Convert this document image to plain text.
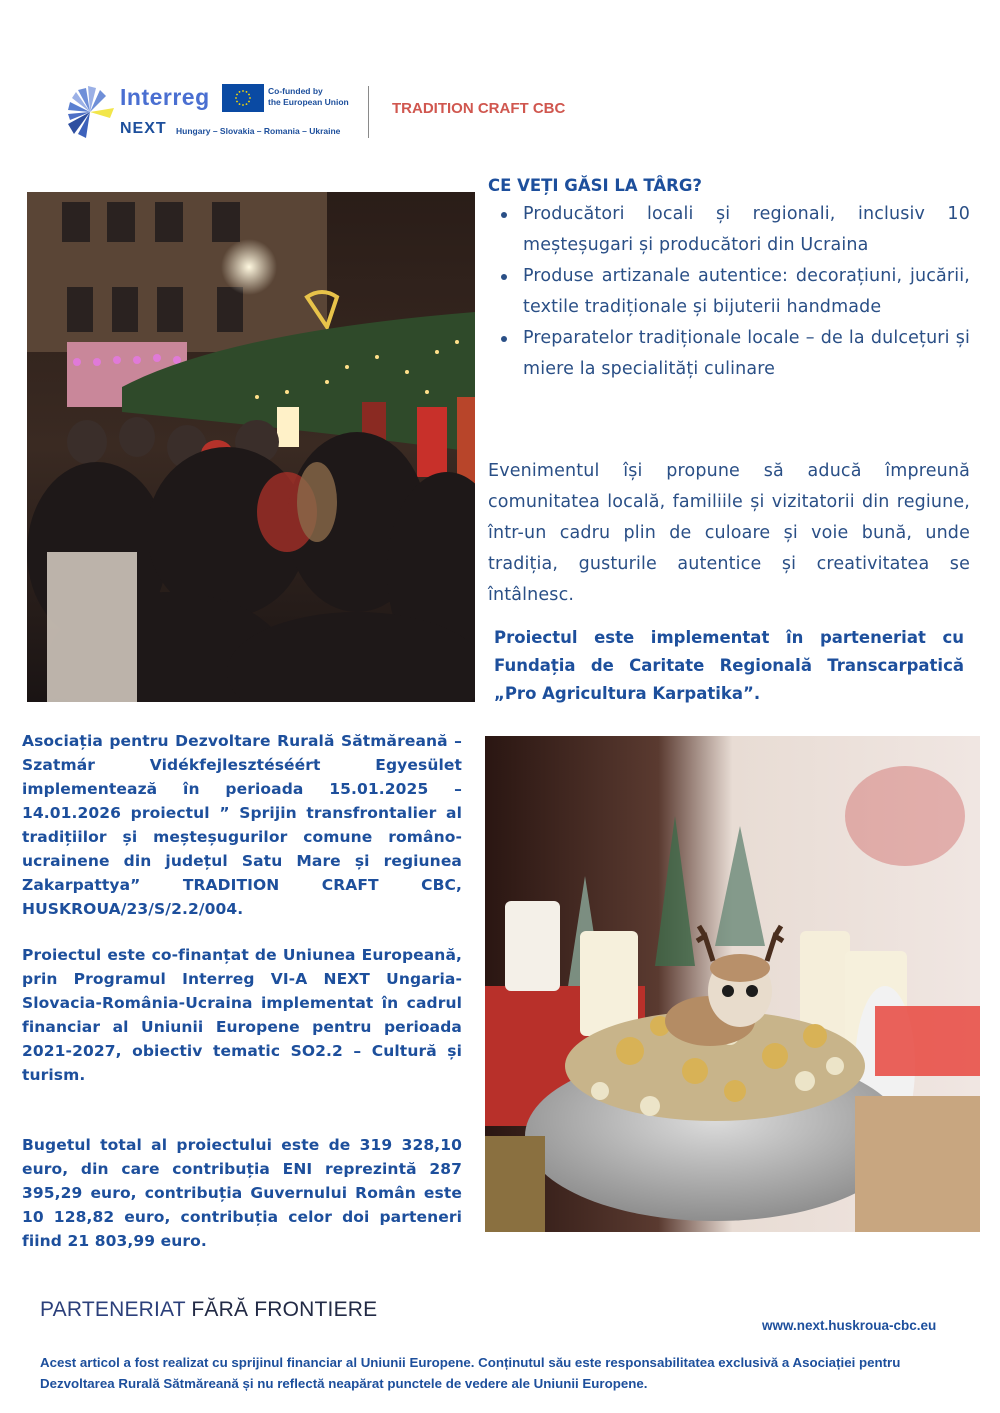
Interreg	Co-funded by
the European Union
NEXT Hungary – Slovakia – Romania – Ukraine
TRADITION CRAFT CBC
CE VEȚI GĂSI LA TÂRG?
Producători locali și regionali, inclusiv 10 meșteșugari și producători din Ucraina
Produse artizanale autentice: decorațiuni, jucării, textile tradiționale și bijuterii handmade
Preparatelor tradiționale locale – de la dulcețuri și miere la specialități culinare

Evenimentul își propune să aducă împreună comunitatea locală, familiile și vizitatorii din regiune, într-un cadru plin de culoare și voie bună, unde tradiția, gusturile autentice și creativitatea se întâlnesc.

Proiectul este implementat în parteneriat cu Fundația de Caritate Regională Transcarpatică „Pro Agricultura Karpatika”.

Asociația pentru Dezvoltare Rurală Sătmăreană – Szatmár Vidékfejlesztéséért Egyesület implementează în perioada 15.01.2025 – 14.01.2026 proiectul ” Sprijin transfrontalier al tradițiilor și meșteșugurilor comune româno-ucrainene din județul Satu Mare și regiunea Zakarpattya” TRADITION CRAFT CBC, HUSKROUA/23/S/2.2/004.

Proiectul este co-finanțat de Uniunea Europeană, prin Programul Interreg VI-A NEXT Ungaria-Slovacia-România-Ucraina implementat în cadrul financiar al Uniunii Europene pentru perioada 2021-2027, obiectiv tematic SO2.2 – Cultură și turism.

Bugetul total al proiectului este de 319 328,10 euro, din care contribuția ENI reprezintă 287 395,29 euro, contribuția Guvernului Român este 10 128,82 euro, contribuția celor doi parteneri fiind 21 803,99 euro.

PARTENERIAT FĂRĂ FRONTIERE
www.next.huskroua-cbc.eu

Acest articol a fost realizat cu sprijinul financiar al Uniunii Europene. Conținutul său este responsabilitatea exclusivă a Asociației pentru Dezvoltarea Rurală Sătmăreană și nu reflectă neapărat punctele de vedere ale Uniunii Europene.
